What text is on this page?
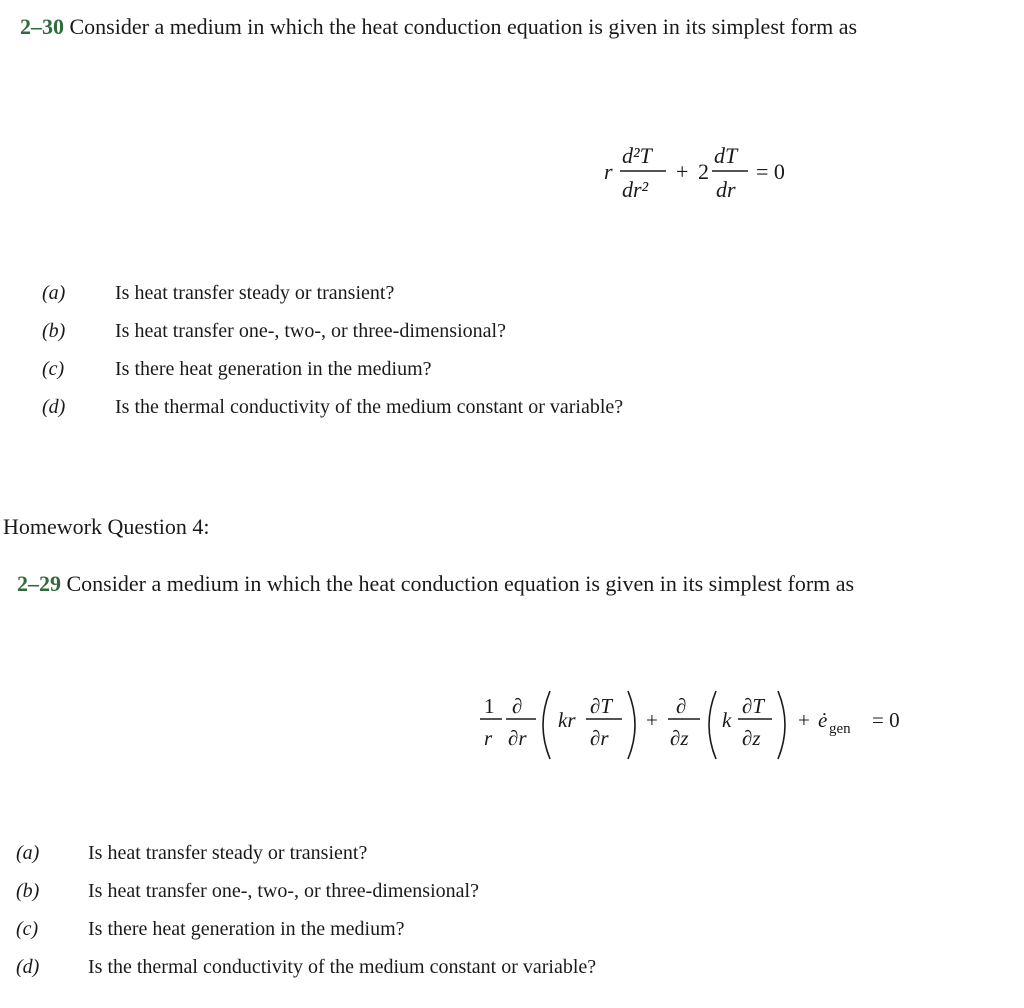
2–30 Consider a medium in which the heat conduction equation is given in its simplest form as
r
d²T
dr²
+ 2
dT
dr
= 0
(a) Is heat transfer steady or transient?
(b) Is heat transfer one-, two-, or three-dimensional?
(c)	Is there heat generation in the medium?
(d) Is the thermal conductivity of the medium constant or variable?
Homework Question 4:
2–29 Consider a medium in which the heat conduction equation is given in its simplest form as
1
r
∂
∂r
kr
∂T
∂r
+
∂
∂z
k
∂T
∂z
+ ė gen = 0
(a) Is heat transfer steady or transient?
(b) Is heat transfer one-, two-, or three-dimensional?
(c) Is there heat generation in the medium?
(d) Is the thermal conductivity of the medium constant or variable?
